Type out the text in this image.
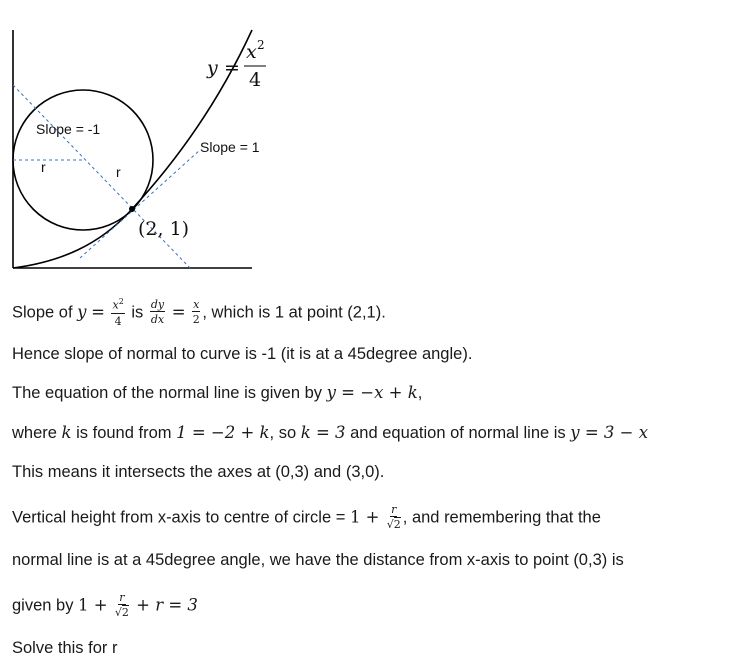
y =
x 2
4
Slope = -1
Slope = 1
r	r
(2, 1)
Slope of $y = \frac{x^2}{4}$ is $\frac{dy}{dx} = \frac{x}{2}$ , which is 1 at point (2,1).
Hence slope of normal to curve is -1 (it is at a 45degree angle).
The equation of the normal line is given by y = −x + k,
where k is found from 1 = −2 + k, so k = 3 and equation of normal line is y = 3 − x
This means it intersects the axes at (0,3) and (3,0).
Vertical height from x-axis to centre of circle = $1 + \frac{r}{√2}$ , and remembering that the
normal line is at a 45degree angle, we have the distance from x-axis to point (0,3) is
given by $1 + \frac{r}{√2} + r = 3$
Solve this for r
